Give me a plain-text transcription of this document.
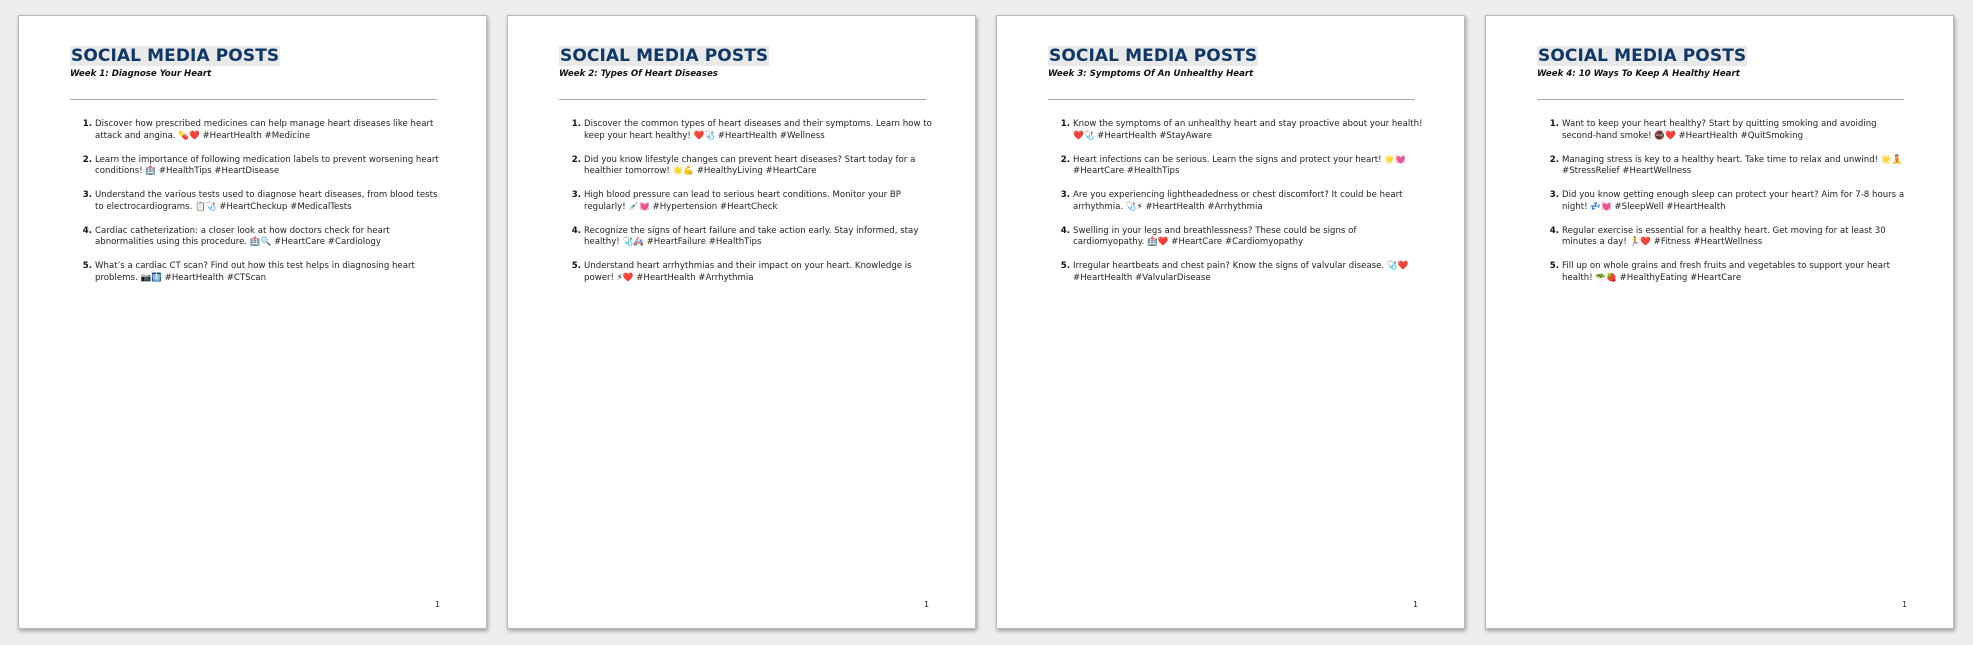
SOCIAL MEDIA POSTS
Week 1: Diagnose Your Heart
1. Discover how prescribed medicines can help manage heart diseases like heart attack and angina. 💊❤️ #HeartHealth #Medicine
2. Learn the importance of following medication labels to prevent worsening heart conditions! 🏥 #HealthTips #HeartDisease
3. Understand the various tests used to diagnose heart diseases, from blood tests to electrocardiograms. 📋🩺 #HeartCheckup #MedicalTests
4. Cardiac catheterization: a closer look at how doctors check for heart abnormalities using this procedure. 🏥🔍 #HeartCare #Cardiology
5. What’s a cardiac CT scan? Find out how this test helps in diagnosing heart problems. 📷🩻 #HeartHealth #CTScan
1
SOCIAL MEDIA POSTS
Week 2: Types Of Heart Diseases
1. Discover the common types of heart diseases and their symptoms. Learn how to keep your heart healthy! ❤️🩺 #HeartHealth #Wellness
2. Did you know lifestyle changes can prevent heart diseases? Start today for a healthier tomorrow! 🌟💪 #HealthyLiving #HeartCare
3. High blood pressure can lead to serious heart conditions. Monitor your BP regularly! 💉💓 #Hypertension #HeartCheck
4. Recognize the signs of heart failure and take action early. Stay informed, stay healthy! 🩺🚑 #HeartFailure #HealthTips
5. Understand heart arrhythmias and their impact on your heart. Knowledge is power! ⚡❤️ #HeartHealth #Arrhythmia
1
SOCIAL MEDIA POSTS
Week 3: Symptoms Of An Unhealthy Heart
1. Know the symptoms of an unhealthy heart and stay proactive about your health! ❤️🩺 #HeartHealth #StayAware
2. Heart infections can be serious. Learn the signs and protect your heart! 🌟💓 #HeartCare #HealthTips
3. Are you experiencing lightheadedness or chest discomfort? It could be heart arrhythmia. 🩺⚡ #HeartHealth #Arrhythmia
4. Swelling in your legs and breathlessness? These could be signs of cardiomyopathy. 🏥❤️ #HeartCare #Cardiomyopathy
5. Irregular heartbeats and chest pain? Know the signs of valvular disease. 🩺❤️ #HeartHealth #ValvularDisease
1
SOCIAL MEDIA POSTS
Week 4: 10 Ways To Keep A Healthy Heart
1. Want to keep your heart healthy? Start by quitting smoking and avoiding second-hand smoke! 🚭❤️ #HeartHealth #QuitSmoking
2. Managing stress is key to a healthy heart. Take time to relax and unwind! 🌟🧘 #StressRelief #HeartWellness
3. Did you know getting enough sleep can protect your heart? Aim for 7-8 hours a night! 💤💓 #SleepWell #HeartHealth
4. Regular exercise is essential for a healthy heart. Get moving for at least 30 minutes a day! 🏃❤️ #Fitness #HeartWellness
5. Fill up on whole grains and fresh fruits and vegetables to support your heart health! 🥗🍓 #HealthyEating #HeartCare
1
